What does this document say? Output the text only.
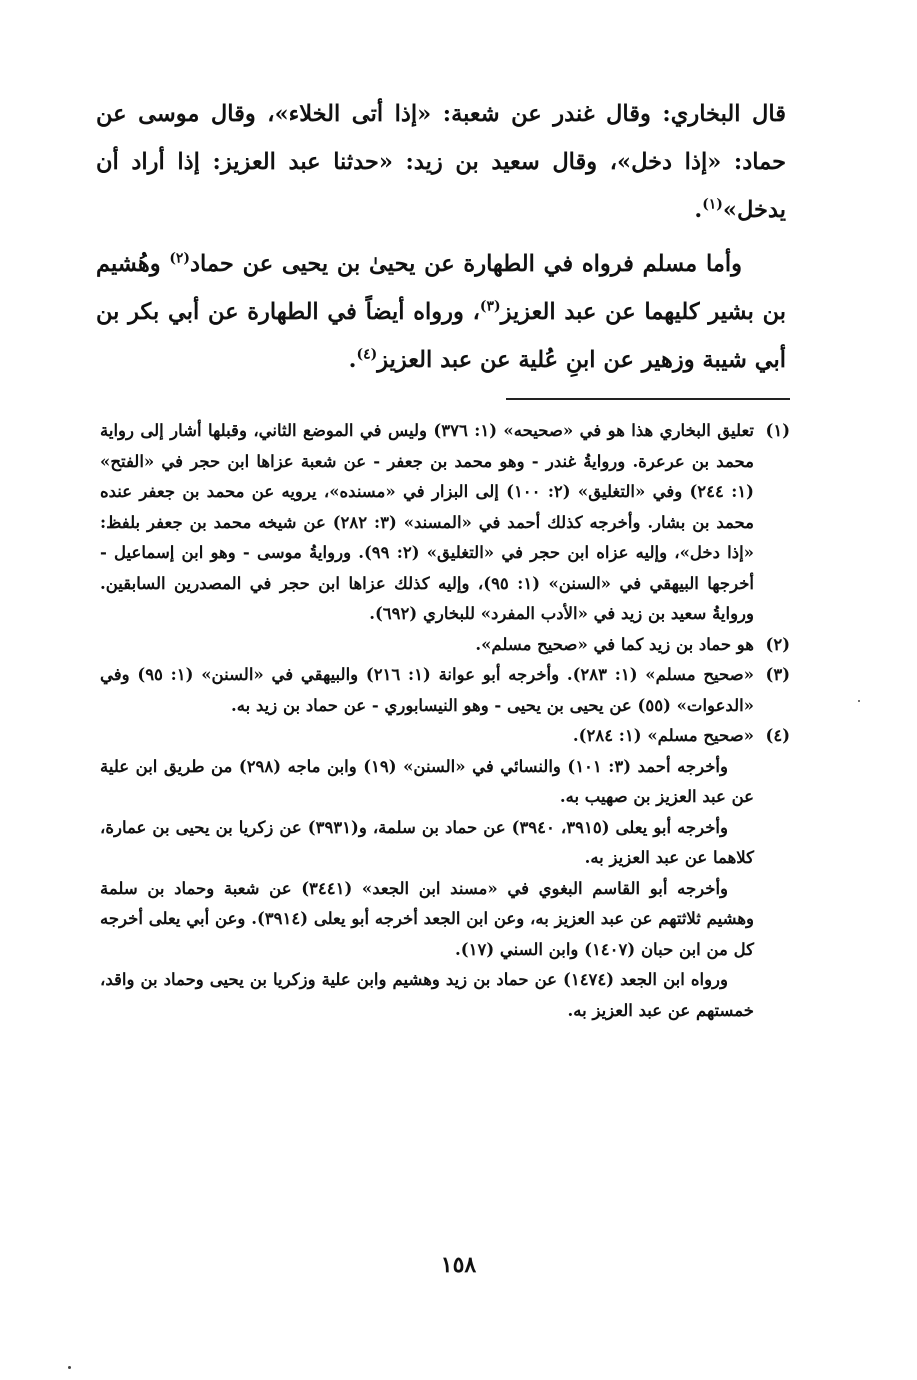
قال البخاري: وقال غندر عن شعبة: «إذا أتى الخلاء»، وقال موسى عن حماد: «إذا دخل»، وقال سعيد بن زيد: «حدثنا عبد العزيز: إذا أراد أن يدخل»$^{(١)}$.

وأما مسلم فرواه في الطهارة عن يحيىٰ بن يحيى عن حماد$^{(٢)}$ وهُشيم بن بشير كليهما عن عبد العزيز$^{(٣)}$، ورواه أيضاً في الطهارة عن أبي بكر بن أبي شيبة وزهير عن ابنِ عُلية عن عبد العزيز$^{(٤)}$.

(١)

تعليق البخاري هذا هو في «صحيحه» (١: ٣٧٦) وليس في الموضع الثاني، وقبلها أشار إلى رواية محمد بن عرعرة. وروايةُ غندر - وهو محمد بن جعفر - عن شعبة عزاها ابن حجر في «الفتح» (١: ٢٤٤) وفي «التغليق» (٢: ١٠٠) إلى البزار في «مسنده»، يرويه عن محمد بن جعفر عنده محمد بن بشار. وأخرجه كذلك أحمد في «المسند» (٣: ٢٨٢) عن شيخه محمد بن جعفر بلفظ: «إذا دخل»، وإليه عزاه ابن حجر في «التغليق» (٢: ٩٩). وروايةُ موسى - وهو ابن إسماعيل - أخرجها البيهقي في «السنن» (١: ٩٥)، وإليه كذلك عزاها ابن حجر في المصدرين السابقين. وروايةُ سعيد بن زيد في «الأدب المفرد» للبخاري (٦٩٢).

(٢)

هو حماد بن زيد كما في «صحيح مسلم».

(٣)

«صحيح مسلم» (١: ٢٨٣). وأخرجه أبو عوانة (١: ٢١٦) والبيهقي في «السنن» (١: ٩٥) وفي «الدعوات» (٥٥) عن يحيى بن يحيى - وهو النيسابوري - عن حماد بن زيد به.

(٤)

«صحيح مسلم» (١: ٢٨٤).

وأخرجه أحمد (٣: ١٠١) والنسائي في «السنن» (١٩) وابن ماجه (٢٩٨) من طريق ابن علية عن عبد العزيز بن صهيب به.

وأخرجه أبو يعلى (٣٩١٥، ٣٩٤٠) عن حماد بن سلمة، و(٣٩٣١) عن زكريا بن يحيى بن عمارة، كلاهما عن عبد العزيز به.

وأخرجه أبو القاسم البغوي في «مسند ابن الجعد» (٣٤٤١) عن شعبة وحماد بن سلمة وهشيم ثلاثتهم عن عبد العزيز به، وعن ابن الجعد أخرجه أبو يعلى (٣٩١٤). وعن أبي يعلى أخرجه كل من ابن حبان (١٤٠٧) وابن السني (١٧).

ورواه ابن الجعد (١٤٧٤) عن حماد بن زيد وهشيم وابن علية وزكريا بن يحيى وحماد بن واقد، خمستهم عن عبد العزيز به.

١٥٨
